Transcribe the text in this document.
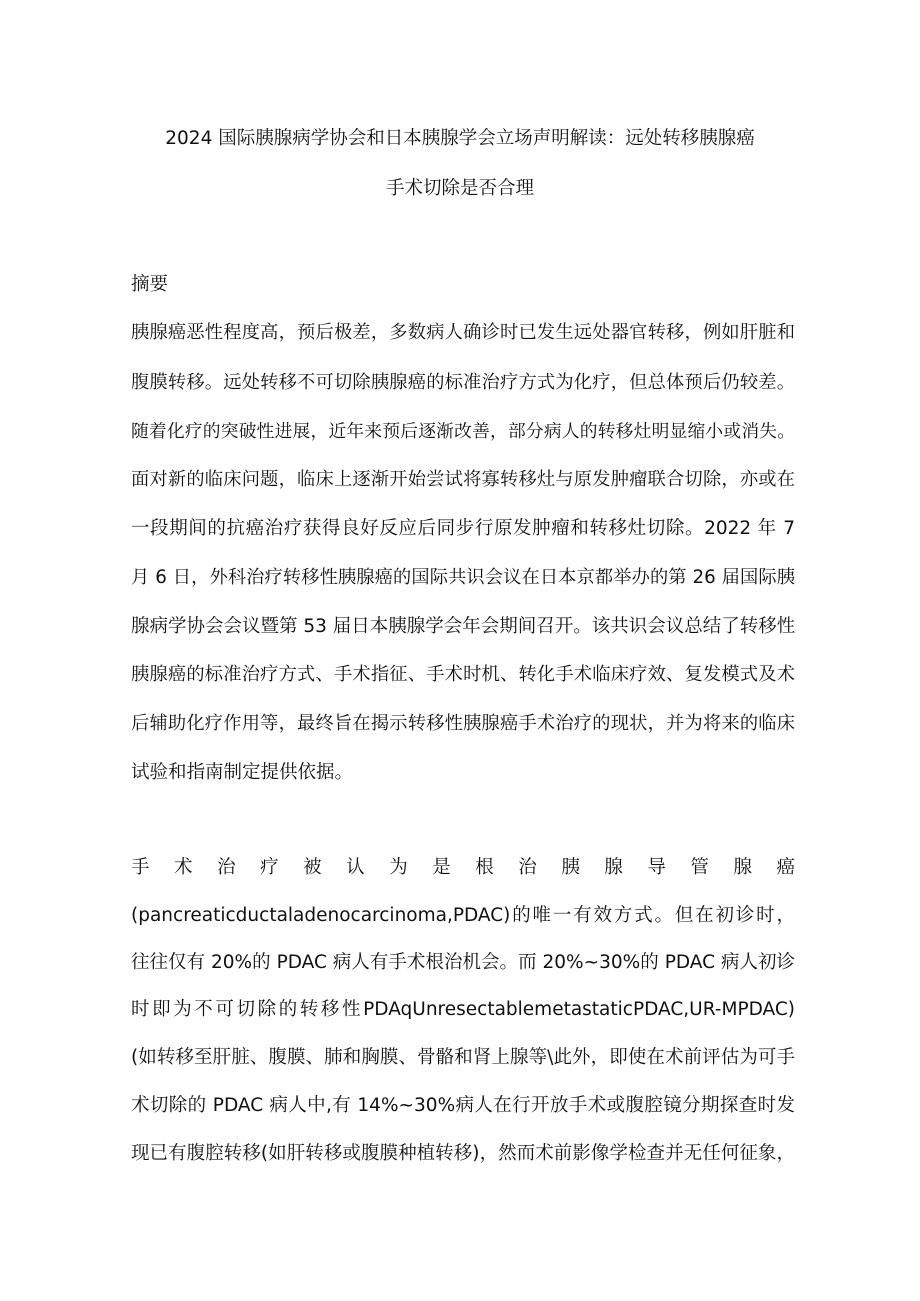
2024 国际胰腺病学协会和日本胰腺学会立场声明解读：远处转移胰腺癌
手术切除是否合理
摘要

胰腺癌恶性程度高，预后极差，多数病人确诊时已发生远处器官转移，例如肝脏和

腹膜转移。远处转移不可切除胰腺癌的标准治疗方式为化疗，但总体预后仍较差。

随着化疗的突破性进展，近年来预后逐渐改善，部分病人的转移灶明显缩小或消失。

面对新的临床问题，临床上逐渐开始尝试将寡转移灶与原发肿瘤联合切除，亦或在

一段期间的抗癌治疗获得良好反应后同步行原发肿瘤和转移灶切除。2022 年 7

月 6 日，外科治疗转移性胰腺癌的国际共识会议在日本京都举办的第 26 届国际胰

腺病学协会会议暨第 53 届日本胰腺学会年会期间召开。该共识会议总结了转移性

胰腺癌的标准治疗方式、手术指征、手术时机、转化手术临床疗效、复发模式及术

后辅助化疗作用等，最终旨在揭示转移性胰腺癌手术治疗的现状，并为将来的临床

试验和指南制定提供依据。

手 术 治 疗 被 认 为 是 根 治 胰 腺 导 管 腺 癌

(pancreaticductaladenocarcinoma,PDAC)的唯一有效方式。但在初诊时，

往往仅有 20%的 PDAC 病人有手术根治机会。而 20%~30%的 PDAC 病人初诊

时即为不可切除的转移性PDAqUnresectablemetastaticPDAC,UR-MPDAC)

(如转移至肝脏、腹膜、肺和胸膜、骨骼和肾上腺等\此外，即使在术前评估为可手

术切除的 PDAC 病人中,有 14%~30%病人在行开放手术或腹腔镜分期探查时发

现已有腹腔转移(如肝转移或腹膜种植转移)，然而术前影像学检查并无任何征象，
